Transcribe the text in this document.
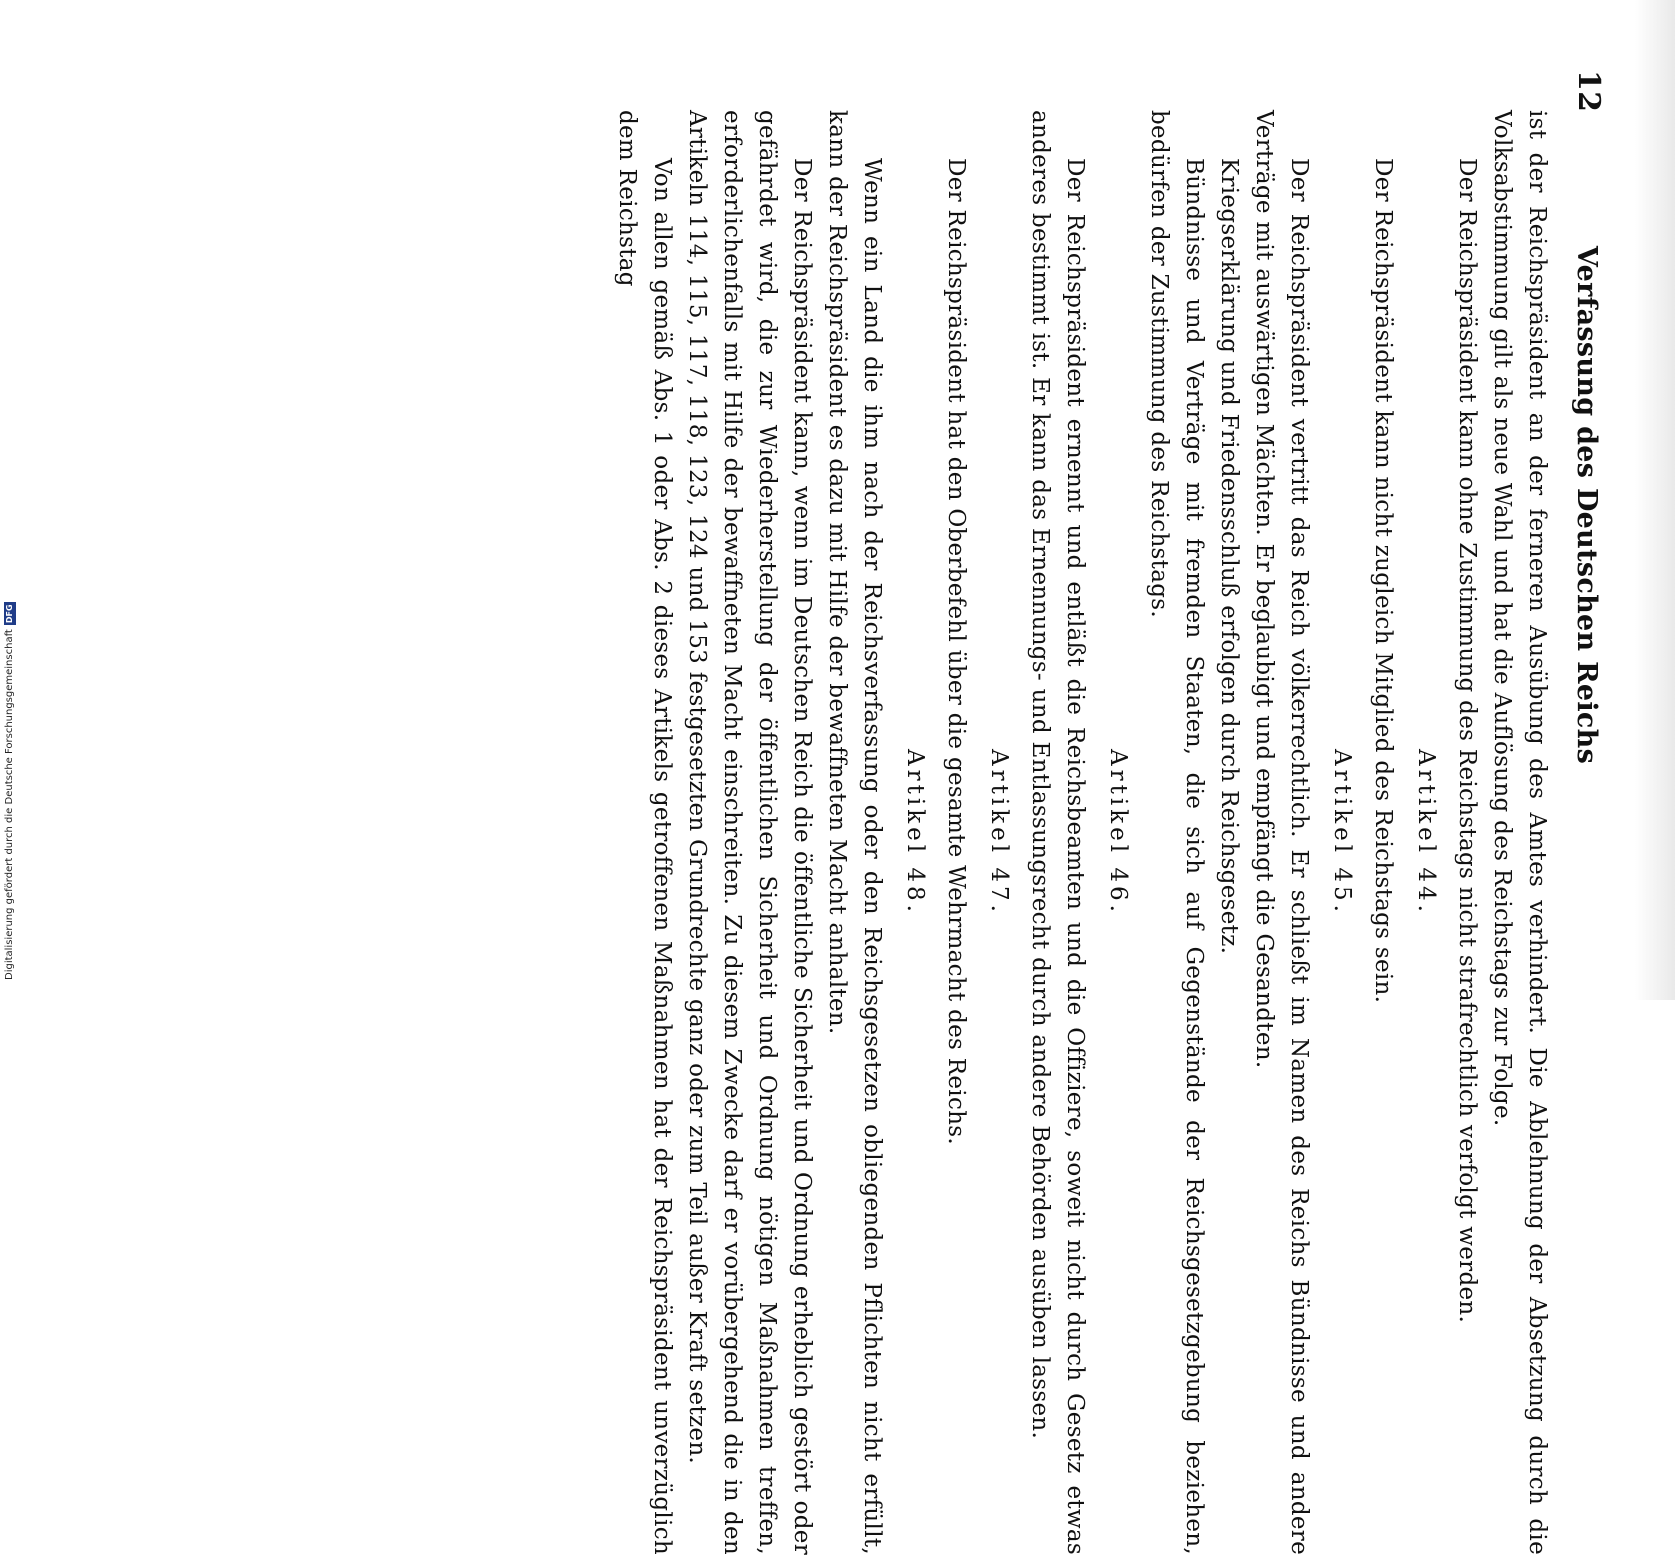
12
Verfassung des Deutschen Reichs

ist der Reichspräsident an der ferneren Ausübung des Amtes verhindert. Die Ablehnung der Absetzung durch die Volksabstimmung gilt als neue Wahl und hat die Auflösung des Reichstags zur Folge.

Der Reichspräsident kann ohne Zustimmung des Reichstags nicht strafrechtlich verfolgt werden.

Artikel 44.

Der Reichspräsident kann nicht zugleich Mitglied des Reichstags sein.

Artikel 45.

Der Reichspräsident vertritt das Reich völkerrechtlich. Er schließt im Namen des Reichs Bündnisse und andere Verträge mit auswärtigen Mächten. Er beglaubigt und empfängt die Gesandten.

Kriegserklärung und Friedensschluß erfolgen durch Reichsgesetz.

Bündnisse und Verträge mit fremden Staaten, die sich auf Gegenstände der Reichsgesetzgebung beziehen, bedürfen der Zustimmung des Reichstags.

Artikel 46.

Der Reichspräsident ernennt und entläßt die Reichsbeamten und die Offiziere, soweit nicht durch Gesetz etwas anderes bestimmt ist. Er kann das Ernennungs- und Entlassungsrecht durch andere Behörden ausüben lassen.

Artikel 47.

Der Reichspräsident hat den Oberbefehl über die gesamte Wehrmacht des Reichs.

Artikel 48.

Wenn ein Land die ihm nach der Reichsverfassung oder den Reichsgesetzen obliegenden Pflichten nicht erfüllt, kann der Reichspräsident es dazu mit Hilfe der bewaffneten Macht anhalten.

Der Reichspräsident kann, wenn im Deutschen Reich die öffentliche Sicherheit und Ordnung erheblich gestört oder gefährdet wird, die zur Wiederherstellung der öffentlichen Sicherheit und Ordnung nötigen Maßnahmen treffen, erforderlichenfalls mit Hilfe der bewaffneten Macht einschreiten. Zu diesem Zwecke darf er vorübergehend die in den Artikeln 114, 115, 117, 118, 123, 124 und 153 festgesetzten Grundrechte ganz oder zum Teil außer Kraft setzen.

Von allen gemäß Abs. 1 oder Abs. 2 dieses Artikels getroffenen Maßnahmen hat der Reichspräsident unverzüglich dem Reichstag

Digitalisierung gefördert durch die Deutsche Forschungsgemeinschaft
DFG
